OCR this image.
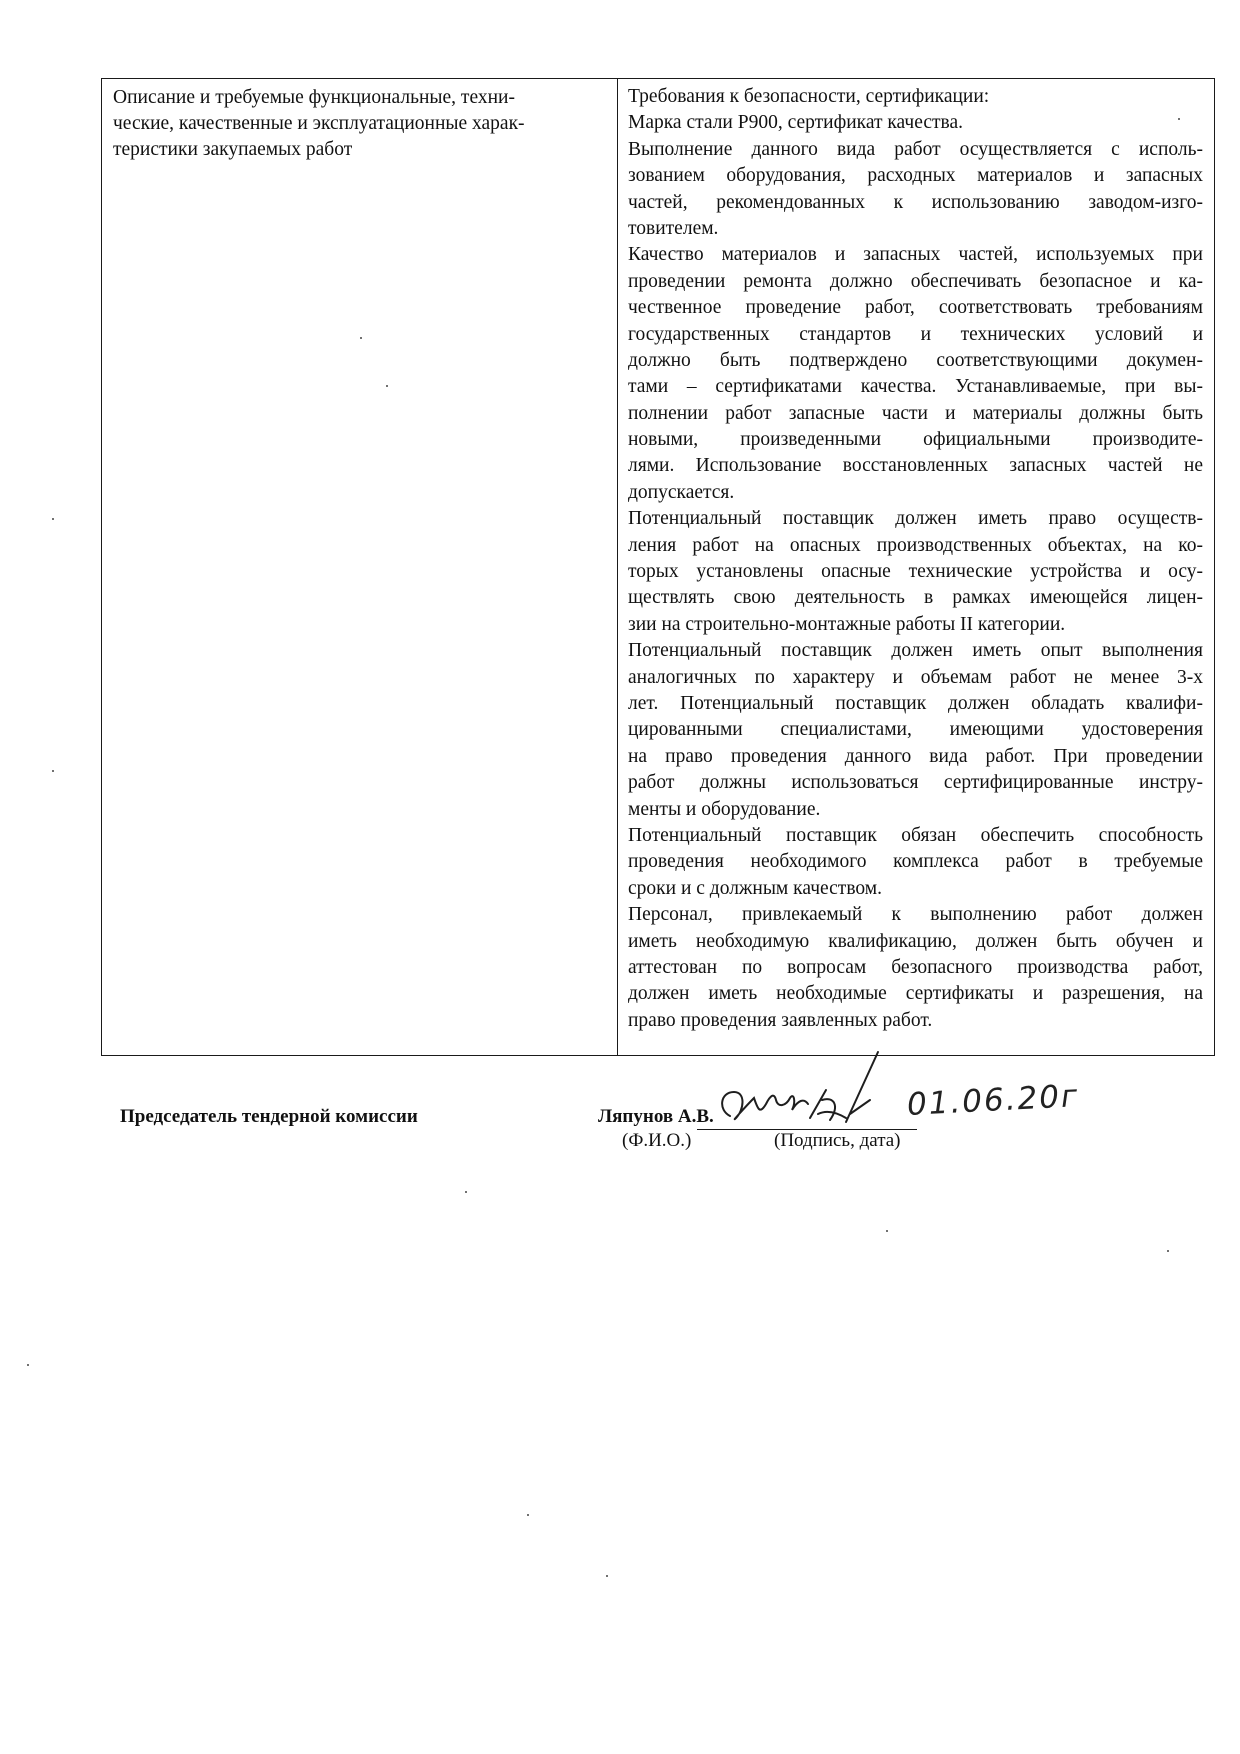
Описание и требуемые функциональные, техни-
ческие, качественные и эксплуатационные харак-
теристики закупаемых работ
Требования к безопасности, сертификации:
Марка стали Р900, сертификат качества.
Выполнение данного вида работ осуществляется с исполь-
зованием оборудования, расходных материалов и запасных
частей, рекомендованных к использованию заводом-изго-
товителем.
Качество материалов и запасных частей, используемых при
проведении ремонта должно обеспечивать безопасное и ка-
чественное проведение работ, соответствовать требованиям
государственных стандартов и технических условий и
должно быть подтверждено соответствующими докумен-
тами – сертификатами качества. Устанавливаемые, при вы-
полнении работ запасные части и материалы должны быть
новыми, произведенными официальными производите-
лями. Использование восстановленных запасных частей не
допускается.
Потенциальный поставщик должен иметь право осуществ-
ления работ на опасных производственных объектах, на ко-
торых установлены опасные технические устройства и осу-
ществлять свою деятельность в рамках имеющейся лицен-
зии на строительно-монтажные работы II категории.
Потенциальный поставщик должен иметь опыт выполнения
аналогичных по характеру и объемам работ не менее 3-х
лет. Потенциальный поставщик должен обладать квалифи-
цированными специалистами, имеющими удостоверения
на право проведения данного вида работ. При проведении
работ должны использоваться сертифицированные инстру-
менты и оборудование.
Потенциальный поставщик обязан обеспечить способность
проведения необходимого комплекса работ в требуемые
сроки и с должным качеством.
Персонал, привлекаемый к выполнению работ должен
иметь необходимую квалификацию, должен быть обучен и
аттестован по вопросам безопасного производства работ,
должен иметь необходимые сертификаты и разрешения, на
право проведения заявленных работ.
Председатель тендерной комиссии	Ляпунов А.В.
(Ф.И.О.)	(Подпись, дата)
01.06.20г
